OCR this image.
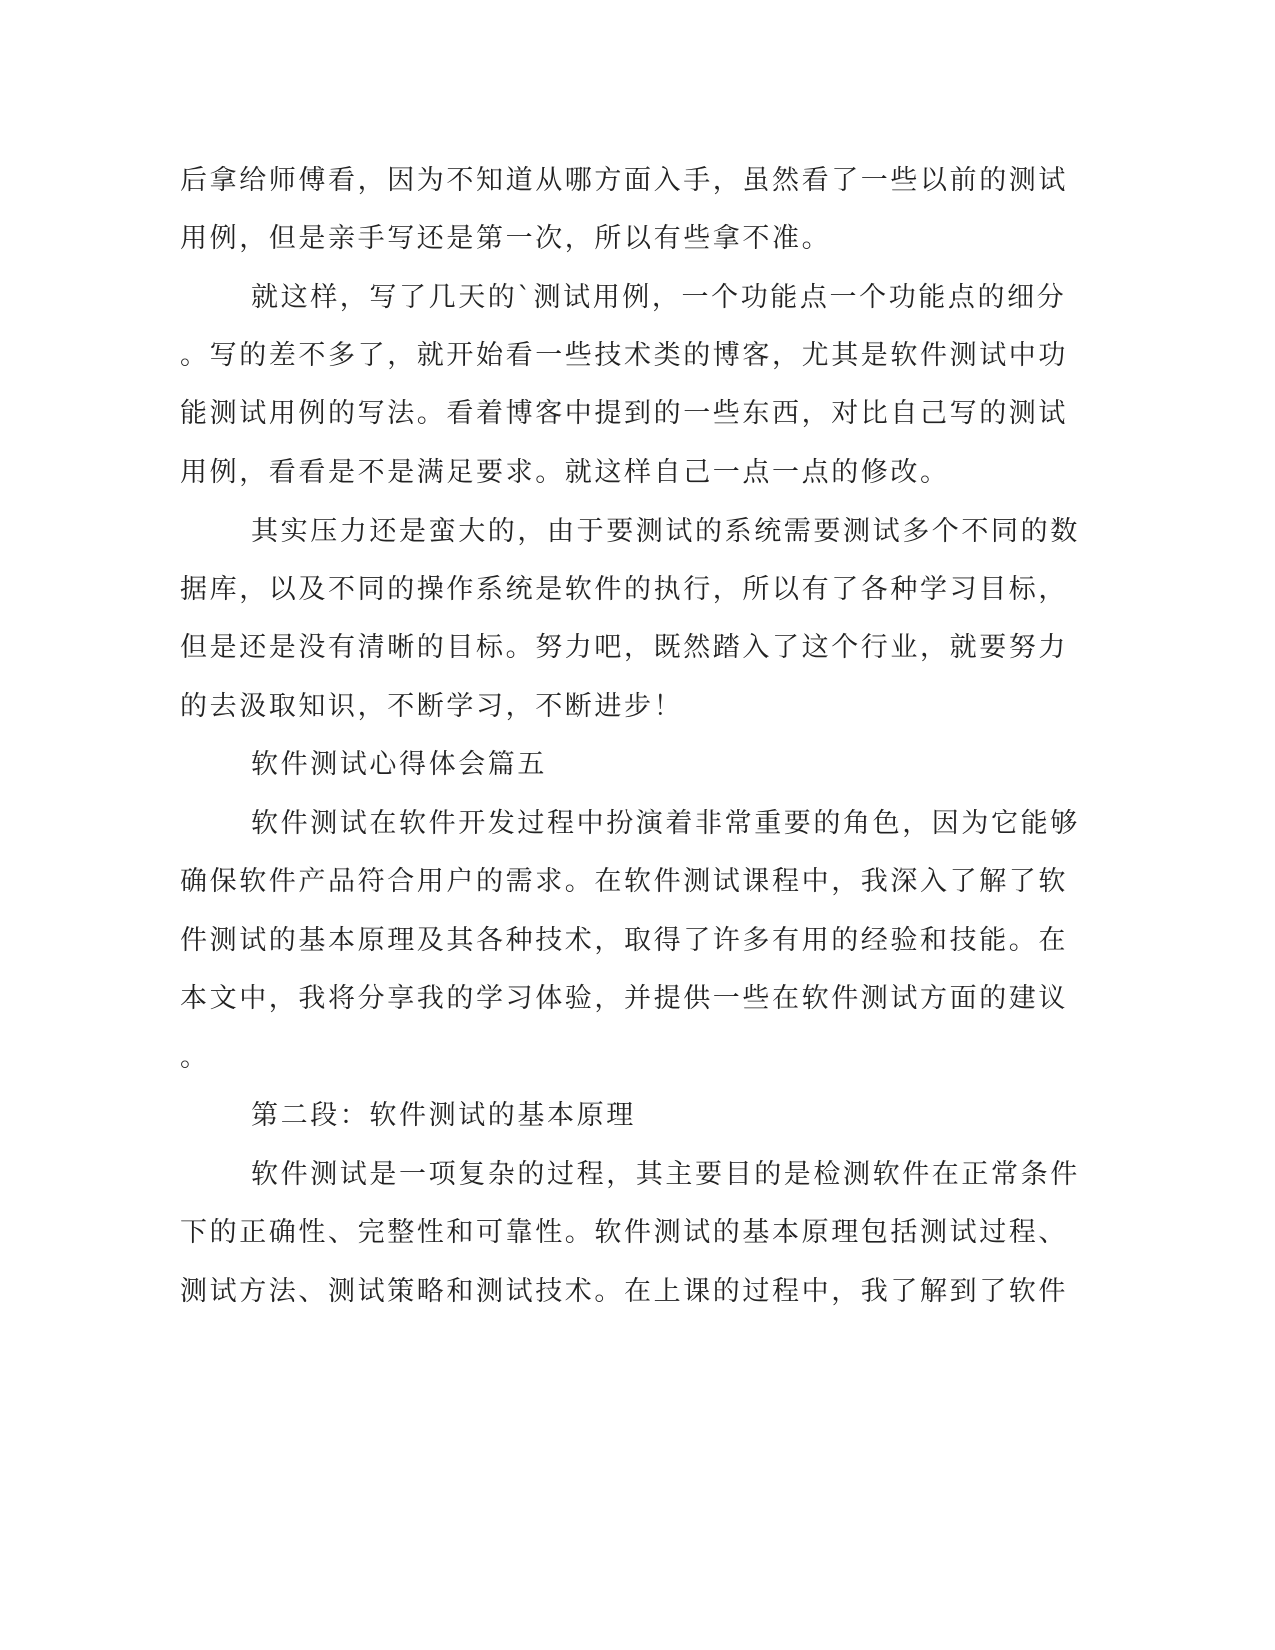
后拿给师傅看，因为不知道从哪方面入手，虽然看了一些以前的测试
用例，但是亲手写还是第一次，所以有些拿不准。
就这样，写了几天的`测试用例，一个功能点一个功能点的细分
。写的差不多了，就开始看一些技术类的博客，尤其是软件测试中功
能测试用例的写法。看着博客中提到的一些东西，对比自己写的测试
用例，看看是不是满足要求。就这样自己一点一点的修改。
其实压力还是蛮大的，由于要测试的系统需要测试多个不同的数
据库，以及不同的操作系统是软件的执行，所以有了各种学习目标，
但是还是没有清晰的目标。努力吧，既然踏入了这个行业，就要努力
的去汲取知识，不断学习，不断进步！
软件测试心得体会篇五
软件测试在软件开发过程中扮演着非常重要的角色，因为它能够
确保软件产品符合用户的需求。在软件测试课程中，我深入了解了软
件测试的基本原理及其各种技术，取得了许多有用的经验和技能。在
本文中，我将分享我的学习体验，并提供一些在软件测试方面的建议
。
第二段：软件测试的基本原理
软件测试是一项复杂的过程，其主要目的是检测软件在正常条件
下的正确性、完整性和可靠性。软件测试的基本原理包括测试过程、
测试方法、测试策略和测试技术。在上课的过程中，我了解到了软件
